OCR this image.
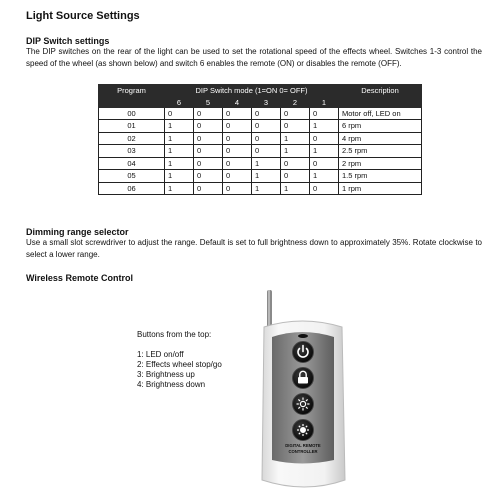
Light Source Settings
DIP Switch settings
The DIP switches on the rear of the light can be used to set the rotational speed of the effects wheel. Switches 1-3 control the speed of the wheel (as shown below) and switch 6 enables the remote (ON) or disables the remote (OFF).
Program	DIP Switch mode (1=ON 0= OFF)						Description
	6	5	4	3	2	1	
00	0	0	0	0	0	0	Motor off, LED on
01	1	0	0	0	0	1	6 rpm
02	1	0	0	0	1	0	4 rpm
03	1	0	0	0	1	1	2.5 rpm
04	1	0	0	1	0	0	2 rpm
05	1	0	0	1	0	1	1.5 rpm
06	1	0	0	1	1	0	1 rpm
Dimming range selector
Use a small slot screwdriver to adjust the range. Default is set to full brightness down to approximately 35%. Rotate clockwise to select a lower range.
Wireless Remote Control
Buttons from the top:
1: LED on/off
2: Effects wheel stop/go
3: Brightness up
4: Brightness down
DIGITAL REMOTE
CONTROLLER
